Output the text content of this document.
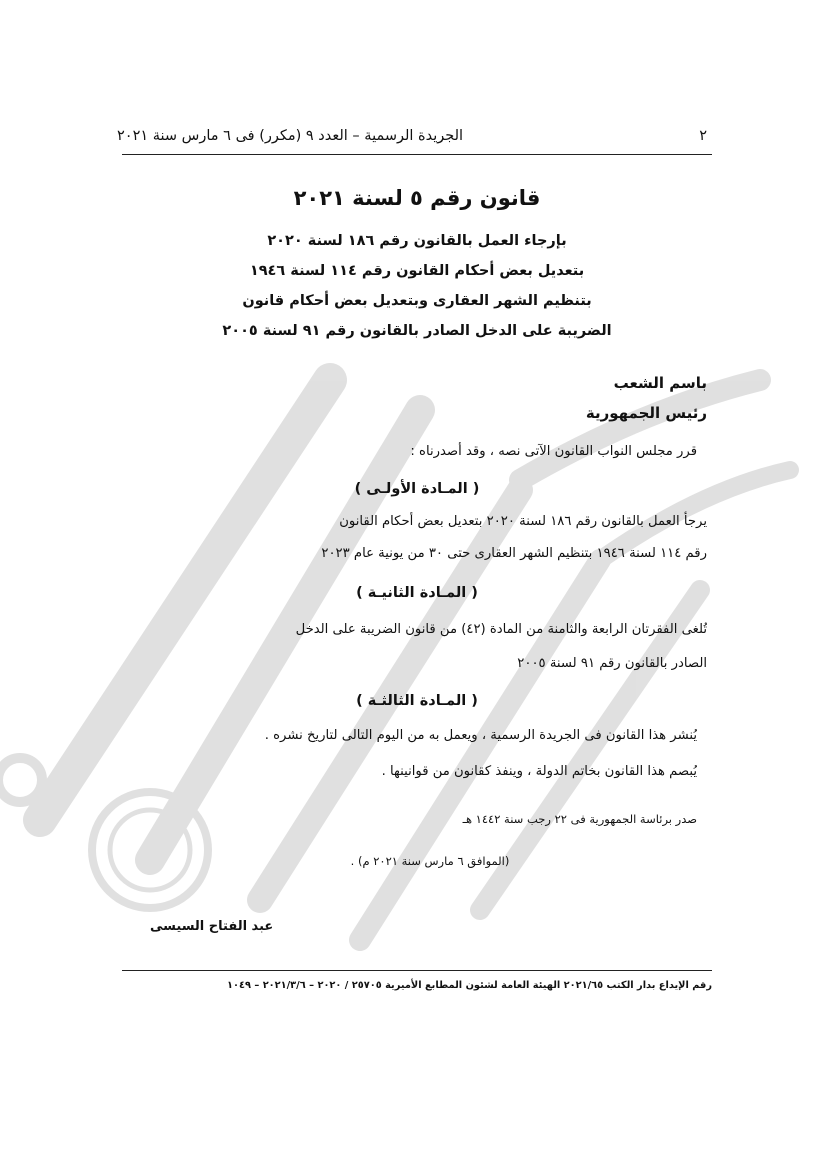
٢
الجريدة الرسمية – العدد ٩ (مكرر) فى ٦ مارس سنة ٢٠٢١
قانون رقم ٥ لسنة ٢٠٢١
بإرجاء العمل بالقانون رقم ١٨٦ لسنة ٢٠٢٠
بتعديل بعض أحكام القانون رقم ١١٤ لسنة ١٩٤٦
بتنظيم الشهر العقارى وبتعديل بعض أحكام قانون
الضريبة على الدخل الصادر بالقانون رقم ٩١ لسنة ٢٠٠٥
باسم الشعب
رئيس الجمهورية
قرر مجلس النواب القانون الآتى نصه ، وقد أصدرناه :
( المـادة الأولـى )
يرجأ العمل بالقانون رقم ١٨٦ لسنة ٢٠٢٠ بتعديل بعض أحكام القانون
رقم ١١٤ لسنة ١٩٤٦ بتنظيم الشهر العقارى حتى ٣٠ من يونية عام ٢٠٢٣
( المـادة الثانيـة )
تُلغى الفقرتان الرابعة والثامنة من المادة (٤٢) من قانون الضريبة على الدخل
الصادر بالقانون رقم ٩١ لسنة ٢٠٠٥
( المـادة الثالثـة )
يُنشر هذا القانون فى الجريدة الرسمية ، ويعمل به من اليوم التالى لتاريخ نشره .
يُبصم هذا القانون بخاتم الدولة ، وينفذ كقانون من قوانينها .
صدر برئاسة الجمهورية فى ٢٢ رجب سنة ١٤٤٢ هـ
(الموافق ٦ مارس سنة ٢٠٢١ م) .
عبد الفتاح السيسى
رقم الإيداع بدار الكتب ٢٠٢١/٦٥ الهيئة العامة لشئون المطابع الأميرية ٢٥٧٠٥ / ٢٠٢٠ – ٢٠٢١/٣/٦ – ١٠٤٩
